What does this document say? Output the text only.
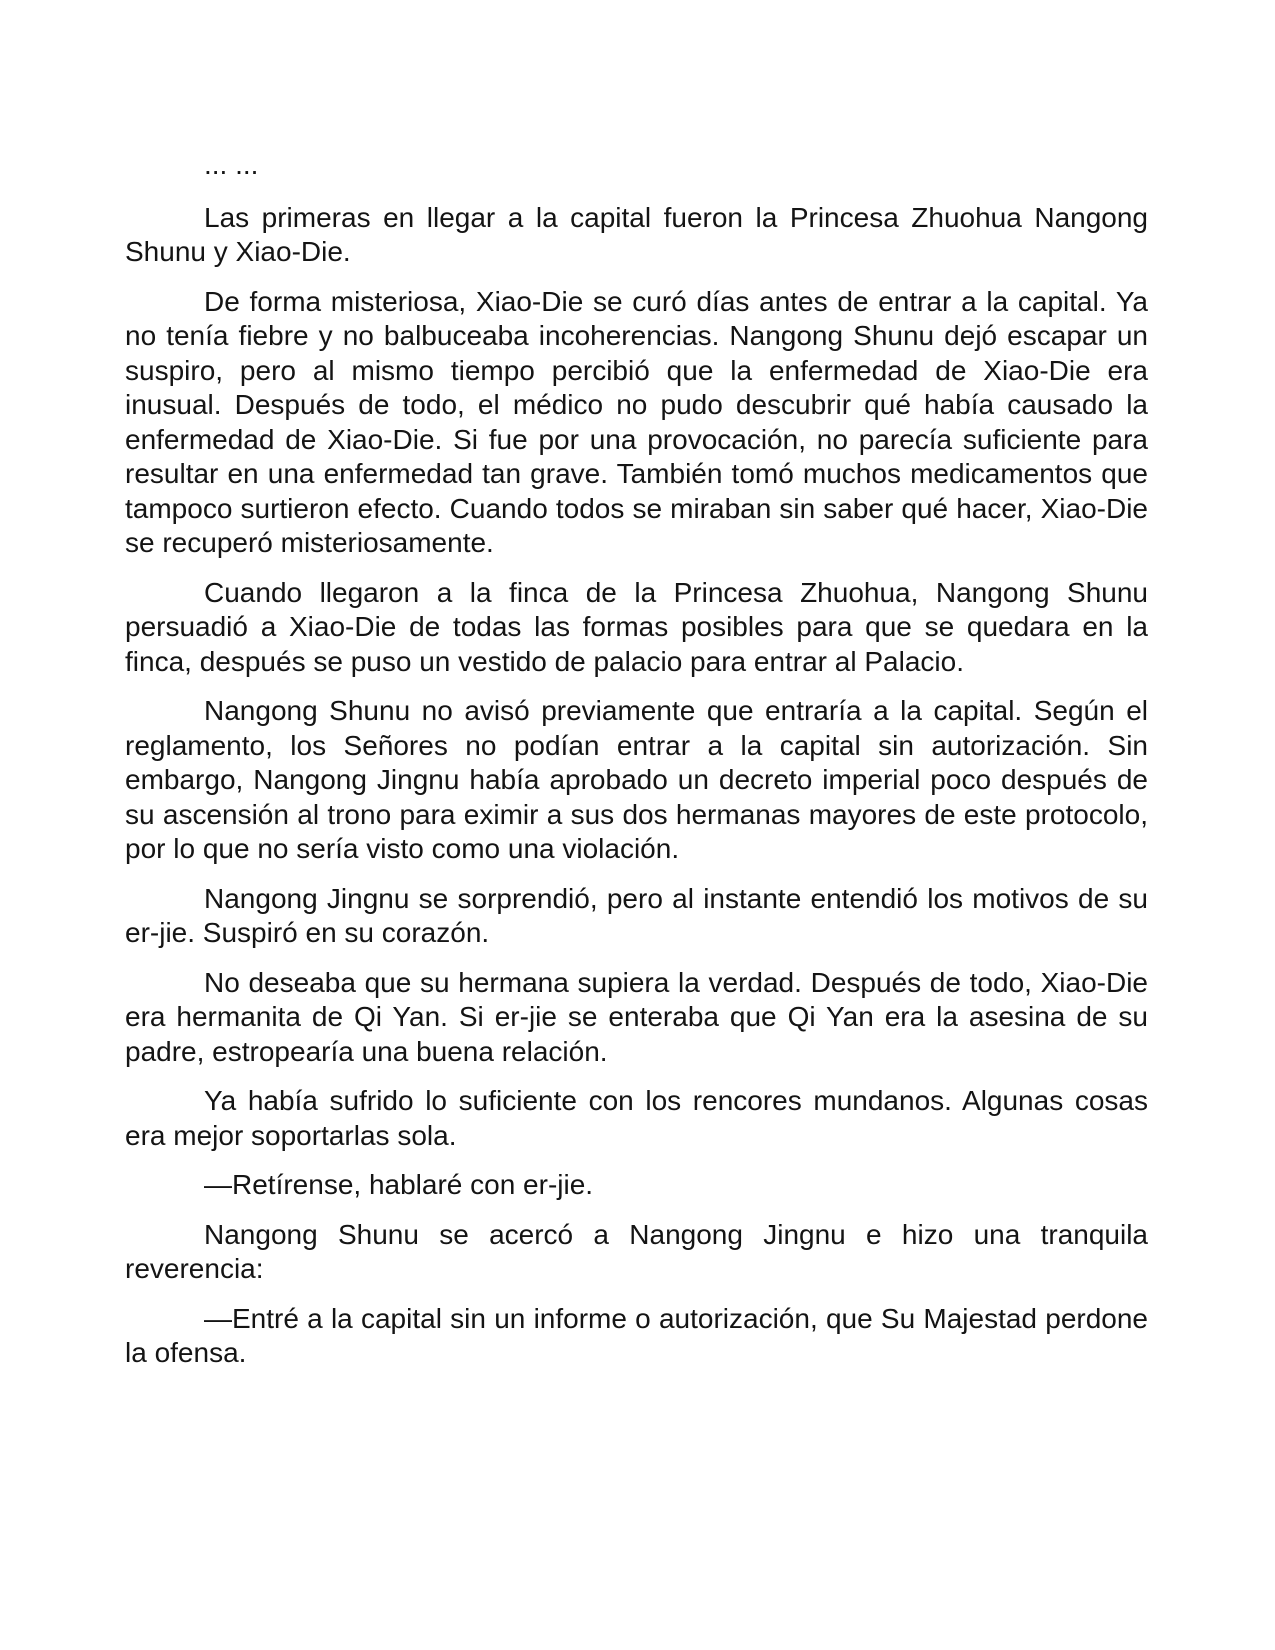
... ...

Las primeras en llegar a la capital fueron la Princesa Zhuohua Nangong Shunu y Xiao-Die.

De forma misteriosa, Xiao-Die se curó días antes de entrar a la capital. Ya no tenía fiebre y no balbuceaba incoherencias. Nangong Shunu dejó escapar un suspiro, pero al mismo tiempo percibió que la enfermedad de Xiao-Die era inusual. Después de todo, el médico no pudo descubrir qué había causado la enfermedad de Xiao-Die. Si fue por una provocación, no parecía suficiente para resultar en una enfermedad tan grave. También tomó muchos medicamentos que tampoco surtieron efecto. Cuando todos se miraban sin saber qué hacer, Xiao-Die se recuperó misteriosamente.

Cuando llegaron a la finca de la Princesa Zhuohua, Nangong Shunu persuadió a Xiao-Die de todas las formas posibles para que se quedara en la finca, después se puso un vestido de palacio para entrar al Palacio.

Nangong Shunu no avisó previamente que entraría a la capital. Según el reglamento, los Señores no podían entrar a la capital sin autorización. Sin embargo, Nangong Jingnu había aprobado un decreto imperial poco después de su ascensión al trono para eximir a sus dos hermanas mayores de este protocolo, por lo que no sería visto como una violación.

Nangong Jingnu se sorprendió, pero al instante entendió los motivos de su er-jie. Suspiró en su corazón.

No deseaba que su hermana supiera la verdad. Después de todo, Xiao-Die era hermanita de Qi Yan. Si er-jie se enteraba que Qi Yan era la asesina de su padre, estropearía una buena relación.

Ya había sufrido lo suficiente con los rencores mundanos. Algunas cosas era mejor soportarlas sola.

—Retírense, hablaré con er-jie.

Nangong Shunu se acercó a Nangong Jingnu e hizo una tranquila reverencia:

—Entré a la capital sin un informe o autorización, que Su Majestad perdone la ofensa.
